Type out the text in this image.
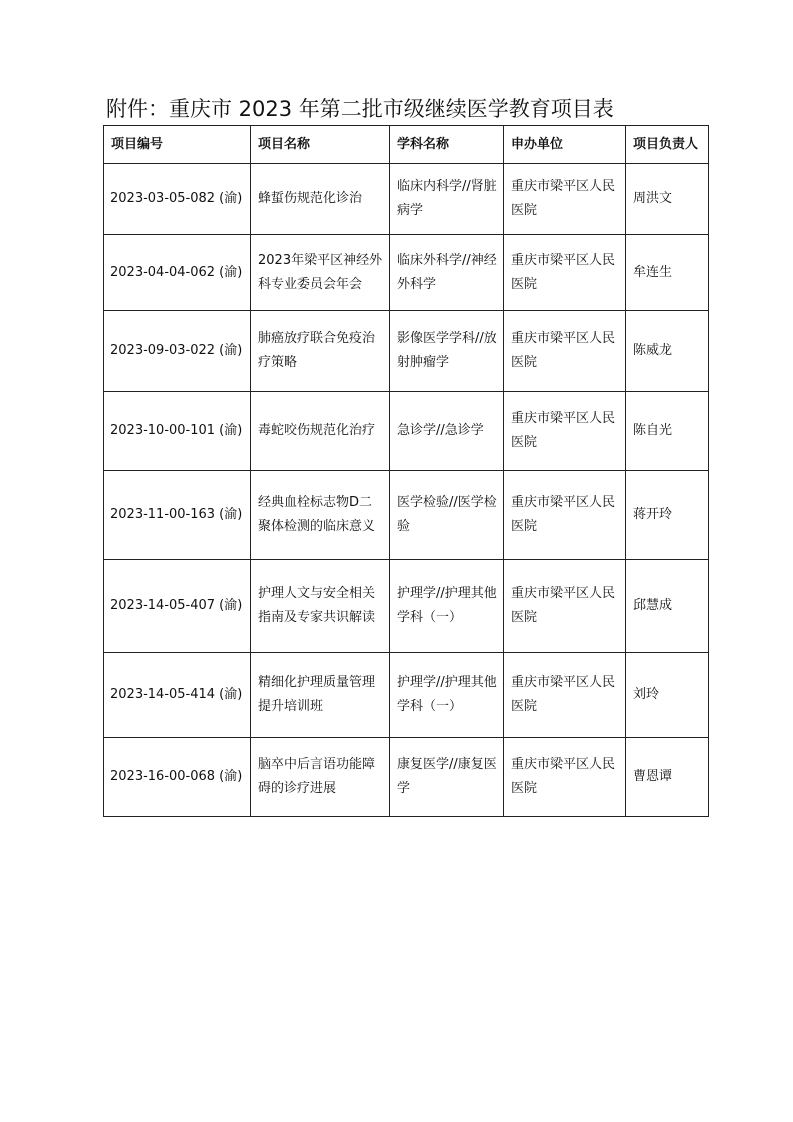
附件：重庆市 2023 年第二批市级继续医学教育项目表
项目编号	项目名称	学科名称	申办单位	项目负责人
2023-03-05-082 (渝)	蜂蜇伤规范化诊治	临床内科学//肾脏病学	重庆市梁平区人民医院	周洪文
2023-04-04-062 (渝)	2023年梁平区神经外科专业委员会年会	临床外科学//神经外科学	重庆市梁平区人民医院	牟连生
2023-09-03-022 (渝)	肺癌放疗联合免疫治疗策略	影像医学学科//放射肿瘤学	重庆市梁平区人民医院	陈威龙
2023-10-00-101 (渝)	毒蛇咬伤规范化治疗	急诊学//急诊学	重庆市梁平区人民医院	陈自光
2023-11-00-163 (渝)	经典血栓标志物D二聚体检测的临床意义	医学检验//医学检验	重庆市梁平区人民医院	蒋开玲
2023-14-05-407 (渝)	护理人文与安全相关指南及专家共识解读	护理学//护理其他学科（一）	重庆市梁平区人民医院	邱慧成
2023-14-05-414 (渝)	精细化护理质量管理提升培训班	护理学//护理其他学科（一）	重庆市梁平区人民医院	刘玲
2023-16-00-068 (渝)	脑卒中后言语功能障碍的诊疗进展	康复医学//康复医学	重庆市梁平区人民医院	曹恩谭
